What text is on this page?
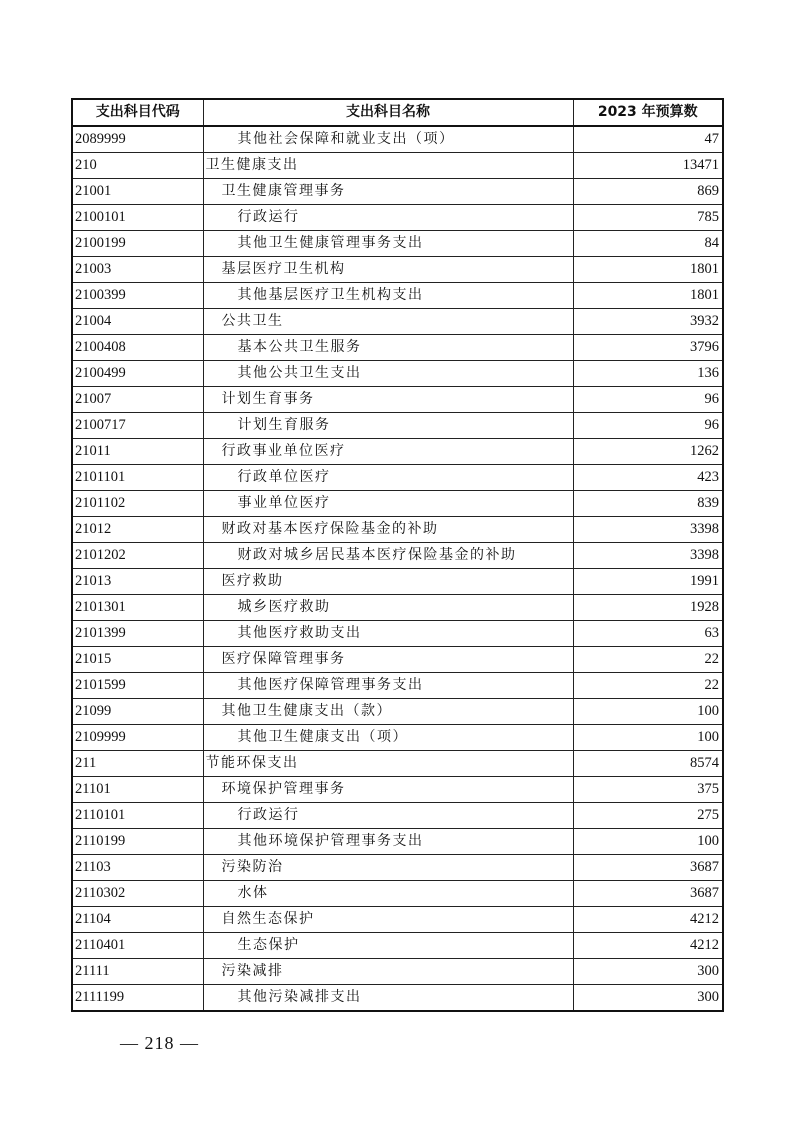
支出科目代码	支出科目名称	2023 年预算数
2089999	其他社会保障和就业支出（项）	47
210	卫生健康支出	13471
21001	卫生健康管理事务	869
2100101	行政运行	785
2100199	其他卫生健康管理事务支出	84
21003	基层医疗卫生机构	1801
2100399	其他基层医疗卫生机构支出	1801
21004	公共卫生	3932
2100408	基本公共卫生服务	3796
2100499	其他公共卫生支出	136
21007	计划生育事务	96
2100717	计划生育服务	96
21011	行政事业单位医疗	1262
2101101	行政单位医疗	423
2101102	事业单位医疗	839
21012	财政对基本医疗保险基金的补助	3398
2101202	财政对城乡居民基本医疗保险基金的补助	3398
21013	医疗救助	1991
2101301	城乡医疗救助	1928
2101399	其他医疗救助支出	63
21015	医疗保障管理事务	22
2101599	其他医疗保障管理事务支出	22
21099	其他卫生健康支出（款）	100
2109999	其他卫生健康支出（项）	100
211	节能环保支出	8574
21101	环境保护管理事务	375
2110101	行政运行	275
2110199	其他环境保护管理事务支出	100
21103	污染防治	3687
2110302	水体	3687
21104	自然生态保护	4212
2110401	生态保护	4212
21111	污染减排	300
2111199	其他污染减排支出	300
— 218 —
